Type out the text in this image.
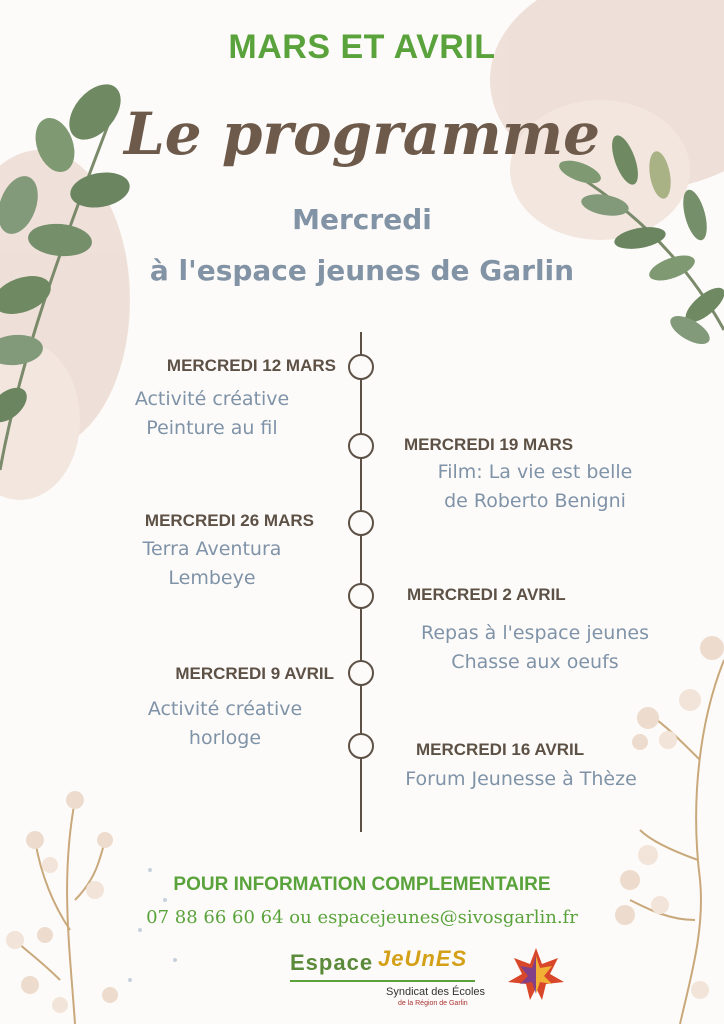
MARS ET AVRIL
Le programme
Mercredi
à l'espace jeunes de Garlin
MERCREDI 12 MARS
Activité créative
Peinture au fil
MERCREDI 19 MARS
Film: La vie est belle
de Roberto Benigni
MERCREDI 26 MARS
Terra Aventura
Lembeye
MERCREDI 2 AVRIL
Repas à l'espace jeunes
Chasse aux oeufs
MERCREDI 9 AVRIL
Activité créative
horloge
MERCREDI 16 AVRIL
Forum Jeunesse à Thèze
POUR INFORMATION COMPLEMENTAIRE
07 88 66 60 64 ou espacejeunes@sivosgarlin.fr
Espace JeUnES
Syndicat des Écoles
de la Région de Garlin
